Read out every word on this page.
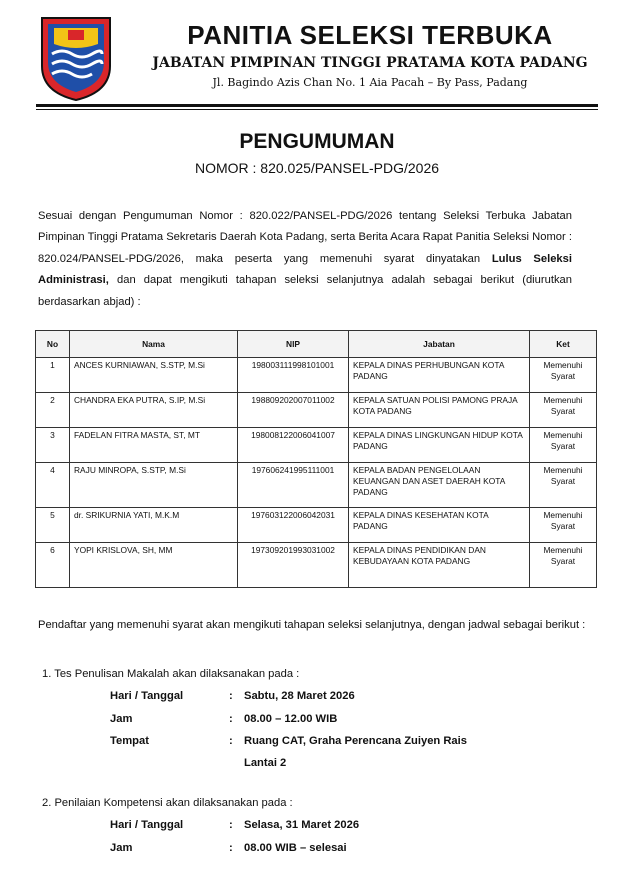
PANITIA SELEKSI TERBUKA
JABATAN PIMPINAN TINGGI PRATAMA KOTA PADANG
Jl. Bagindo Azis Chan No. 1 Aia Pacah – By Pass, Padang
PENGUMUMAN
NOMOR : 820.025/PANSEL-PDG/2026
Sesuai dengan Pengumuman Nomor : 820.022/PANSEL-PDG/2026 tentang Seleksi Terbuka Jabatan Pimpinan Tinggi Pratama Sekretaris Daerah Kota Padang, serta Berita Acara Rapat Panitia Seleksi Nomor : 820.024/PANSEL-PDG/2026, maka peserta yang memenuhi syarat dinyatakan Lulus Seleksi Administrasi, dan dapat mengikuti tahapan seleksi selanjutnya adalah sebagai berikut (diurutkan berdasarkan abjad) :
No	Nama	NIP	Jabatan	Ket
1	ANCES KURNIAWAN, S.STP, M.Si	198003111998101001	KEPALA DINAS PERHUBUNGAN KOTA PADANG	Memenuhi Syarat
2	CHANDRA EKA PUTRA, S.IP, M.Si	198809202007011002	KEPALA SATUAN POLISI PAMONG PRAJA KOTA PADANG	Memenuhi Syarat
3	FADELAN FITRA MASTA, ST, MT	198008122006041007	KEPALA DINAS LINGKUNGAN HIDUP KOTA PADANG	Memenuhi Syarat
4	RAJU MINROPA, S.STP, M.Si	197606241995111001	KEPALA BADAN PENGELOLAAN KEUANGAN DAN ASET DAERAH KOTA PADANG	Memenuhi Syarat
5	dr. SRIKURNIA YATI, M.K.M	197603122006042031	KEPALA DINAS KESEHATAN KOTA PADANG	Memenuhi Syarat
6	YOPI KRISLOVA, SH, MM	197309201993031002	KEPALA DINAS PENDIDIKAN DAN KEBUDAYAAN KOTA PADANG	Memenuhi Syarat
Pendaftar yang memenuhi syarat akan mengikuti tahapan seleksi selanjutnya, dengan jadwal sebagai berikut :
1. Tes Penulisan Makalah akan dilaksanakan pada :
Hari / Tanggal	: Sabtu, 28 Maret 2026
Jam	: 08.00 – 12.00 WIB
Tempat	: Ruang CAT, Graha Perencana Zuiyen Rais
Lantai 2
2. Penilaian Kompetensi akan dilaksanakan pada :
Hari / Tanggal	: Selasa, 31 Maret 2026
Jam	: 08.00 WIB – selesai
